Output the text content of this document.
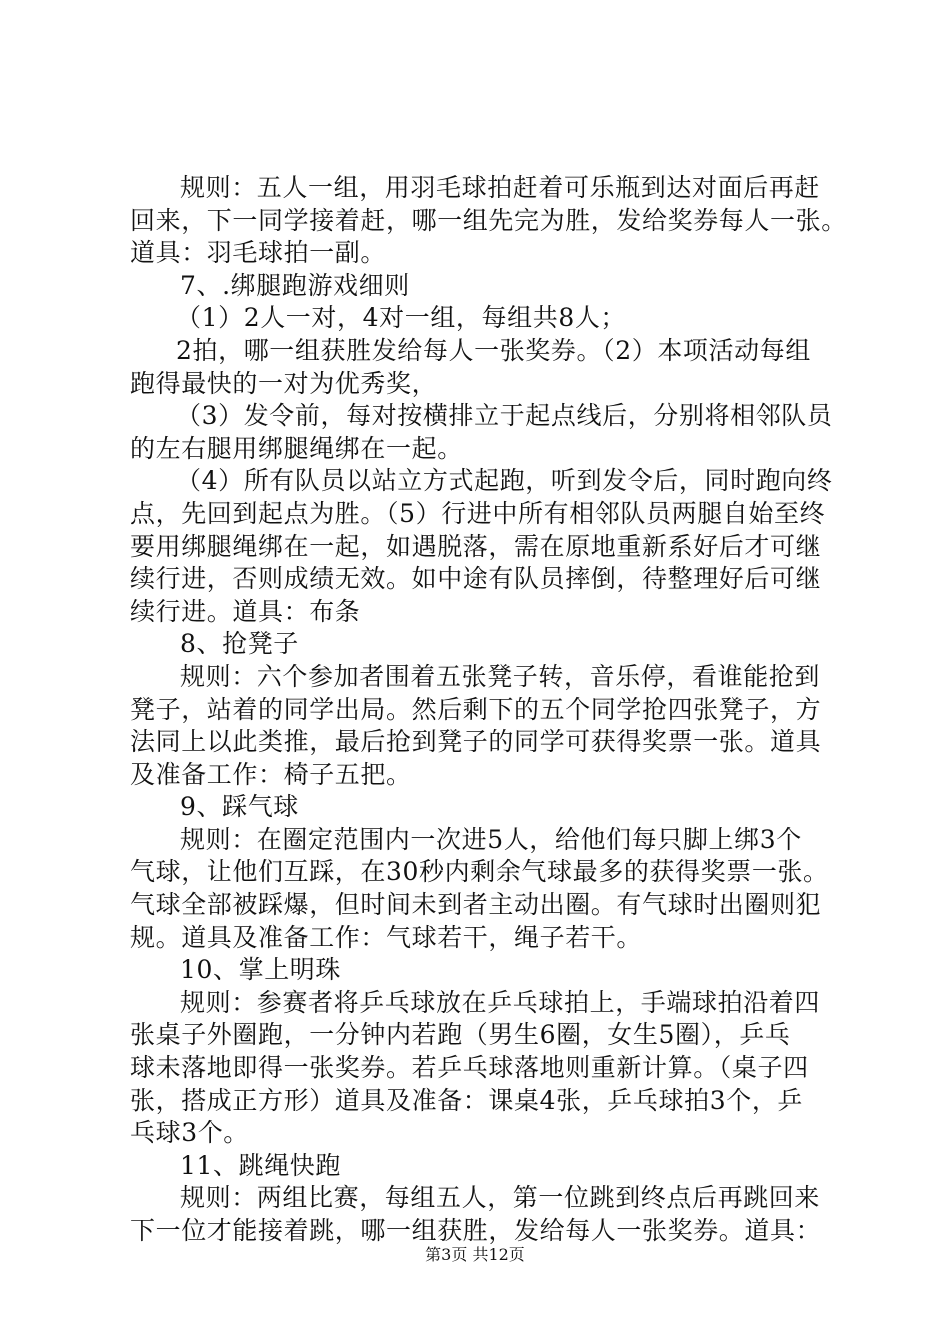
规则：五人一组，用羽毛球拍赶着可乐瓶到达对面后再赶

回来，下一同学接着赶，哪一组先完为胜，发给奖券每人一张。

道具：羽毛球拍一副。

7、.绑腿跑游戏细则

（1）2人一对，4对一组，每组共8人；

2拍，哪一组获胜发给每人一张奖券。（2）本项活动每组

跑得最快的一对为优秀奖，

（3）发令前，每对按横排立于起点线后，分别将相邻队员

的左右腿用绑腿绳绑在一起。

（4）所有队员以站立方式起跑，听到发令后，同时跑向终

点，先回到起点为胜。（5）行进中所有相邻队员两腿自始至终

要用绑腿绳绑在一起，如遇脱落，需在原地重新系好后才可继

续行进，否则成绩无效。如中途有队员摔倒，待整理好后可继

续行进。道具：布条

8、抢凳子

规则：六个参加者围着五张凳子转，音乐停，看谁能抢到

凳子，站着的同学出局。然后剩下的五个同学抢四张凳子，方

法同上以此类推，最后抢到凳子的同学可获得奖票一张。道具

及准备工作：椅子五把。

9、踩气球

规则：在圈定范围内一次进5人，给他们每只脚上绑3个

气球，让他们互踩，在30秒内剩余气球最多的获得奖票一张。

气球全部被踩爆，但时间未到者主动出圈。有气球时出圈则犯

规。道具及准备工作：气球若干，绳子若干。

10、掌上明珠

规则：参赛者将乒乓球放在乒乓球拍上，手端球拍沿着四

张桌子外圈跑，一分钟内若跑（男生6圈，女生5圈），乒乓

球未落地即得一张奖券。若乒乓球落地则重新计算。（桌子四

张，搭成正方形）道具及准备：课桌4张，乒乓球拍3个，乒

乓球3个。

11、跳绳快跑

规则：两组比赛，每组五人，第一位跳到终点后再跳回来

下一位才能接着跳，哪一组获胜，发给每人一张奖券。道具：

第3页 共12页
